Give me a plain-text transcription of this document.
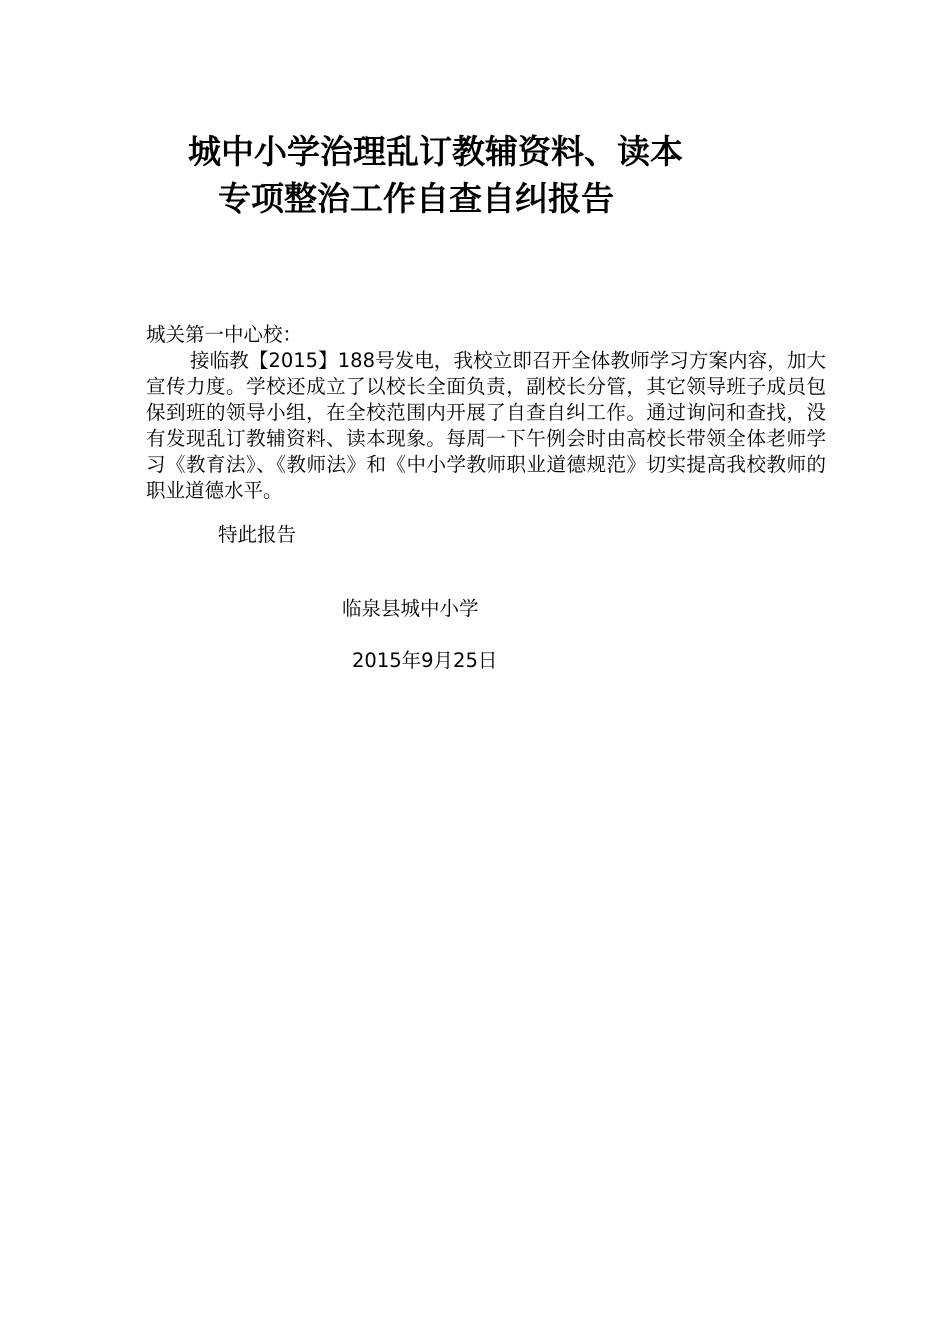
城中小学治理乱订教辅资料、读本
专项整治工作自查自纠报告
城关第一中心校：
接临教【2015】188号发电，我校立即召开全体教师学习方案内容，加大宣传力度。学校还成立了以校长全面负责，副校长分管，其它领导班子成员包保到班的领导小组，在全校范围内开展了自查自纠工作。通过询问和查找，没有发现乱订教辅资料、读本现象。每周一下午例会时由高校长带领全体老师学习《教育法》、《教师法》和《中小学教师职业道德规范》切实提高我校教师的职业道德水平。
特此报告
临泉县城中小学
2015年9月25日
